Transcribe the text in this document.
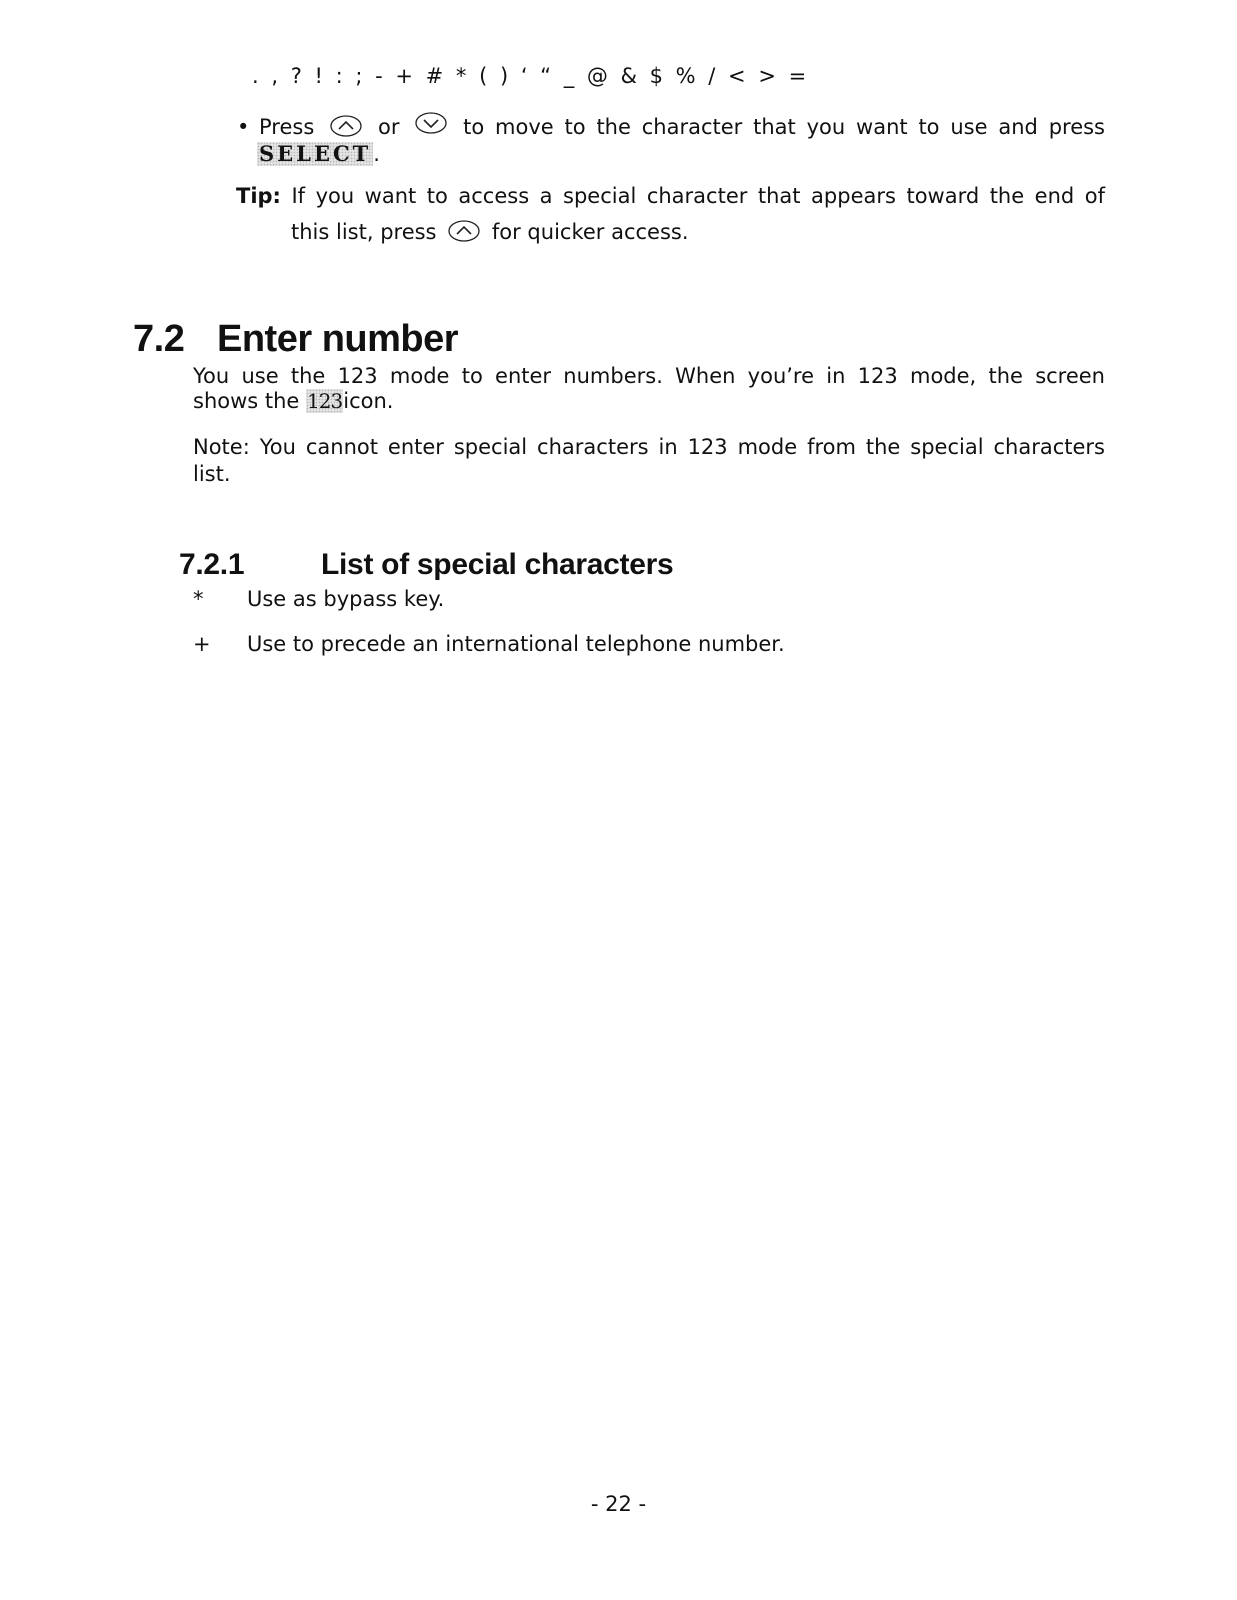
. , ? ! : ; - + # * ( ) ‘ “ _ @ & $ % / < > =
• Press	or	to move to the character that you want to use and press
SELECT.
Tip: If you want to access a special character that appears toward the end of
this list, press	for quicker access.
7.2 Enter number
You use the 123 mode to enter numbers. When you’re in 123 mode, the screen
shows the 123icon.
Note: You cannot enter special characters in 123 mode from the special characters
list.
7.2.1	List of special characters
* Use as bypass key.
+ Use to precede an international telephone number.
- 22 -
